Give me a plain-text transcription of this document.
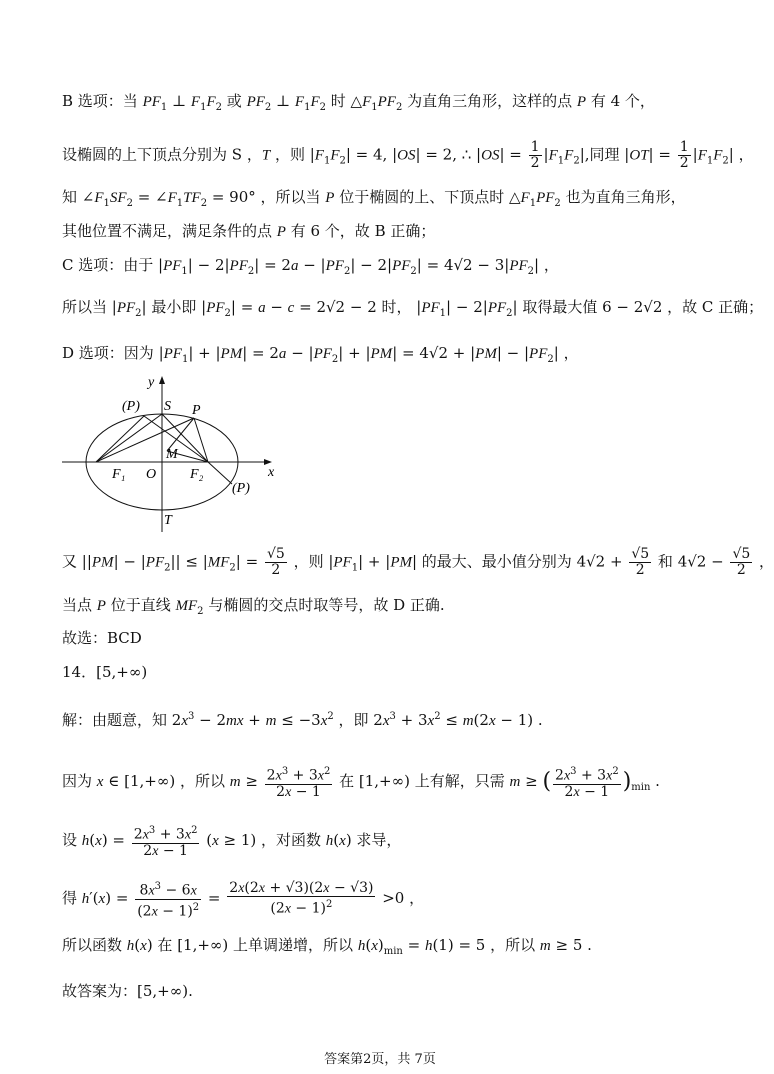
B 选项：当 $PF_1$ ⊥ $F_1F_2$ 或 $PF_2$ ⊥ $F_1F_2$ 时 $\triangle F_1PF_2$ 为直角三角形，这样的点 P 有 4 个，
设椭圆的上下顶点分别为 S ，T ，则 $|F_1F_2| = 4$, |OS| = 2, ∴ $|OS| = \frac{1}{2} |F_1F_2|$,同理 $|OT| = \frac{1}{2} |F_1F_2|$ ，
知 $\angle F_1SF_2$ = $\angle F_1TF_2 = 90^\circ$ ，所以当 P 位于椭圆的上、下顶点时 $\triangle F_1PF_2$ 也为直角三角形，
其他位置不满足，满足条件的点 P 有 6 个，故 B 正确；
C 选项：由于 $|PF_1| - 2|PF_2| = 2a - |PF_2| - 2|PF_2| = 4√2 - 3|PF_2|$ ，
所以当 $|PF_2|$ 最小即 $|PF_2| = a - c = 2√2 - 2$ 时， $|PF_1| - 2|PF_2|$ 取得最大值 6 − 2√2 ，故 C 正确；
D 选项：因为 $|PF_1| + |PM| = 2a - |PF_2| + |PM| = 4√2 + |PM| - |PF_2|$ ，
y
x
(P) S P
M
F₁ O F₂
(P)
T
又 $||PM| - |PF_2|| \le |MF_2| = \frac{√5}{2}$ ，则 $|PF_1| + |PM|$ 的最大、最小值分别为 $4√2 + \frac{√5}{2}$ 和 $4√2 - \frac{√5}{2}$ ，
当点 P 位于直线 $MF_2$ 与椭圆的交点时取等号，故 D 正确.
故选：BCD
14．[5,+∞)
解：由题意，知 $2x^3 - 2mx + m \le -3x^2$ ，即 $2x^3 + 3x^2 \le m(2x - 1)$ .
因为 x ∈ [1,+∞) ，所以 $m \ge \frac{2x^3 + 3x^2}{2x - 1}$ 在 [1,+∞) 上有解，只需 m ≥ ( $\frac{2x^3 + 3x^2}{2x - 1} )_{min}$ .
设 $h(x) = \frac{2x^3 + 3x^2}{2x - 1} (x \ge 1)$ ，对函数 h(x) 求导，
得 $h'(x) = \frac{8x^3 - 6x}{(2x - 1)^2} = \frac{2x(2x + √3)(2x - √3)}{(2x - 1)^2} >0$ ，
所以函数 h(x) 在 [1,+∞) 上单调递增，所以 $h(x)_{min} = h(1) = 5$ ，所以 m ≥ 5 .
故答案为：[5,+∞).
答案第2页，共 7页
